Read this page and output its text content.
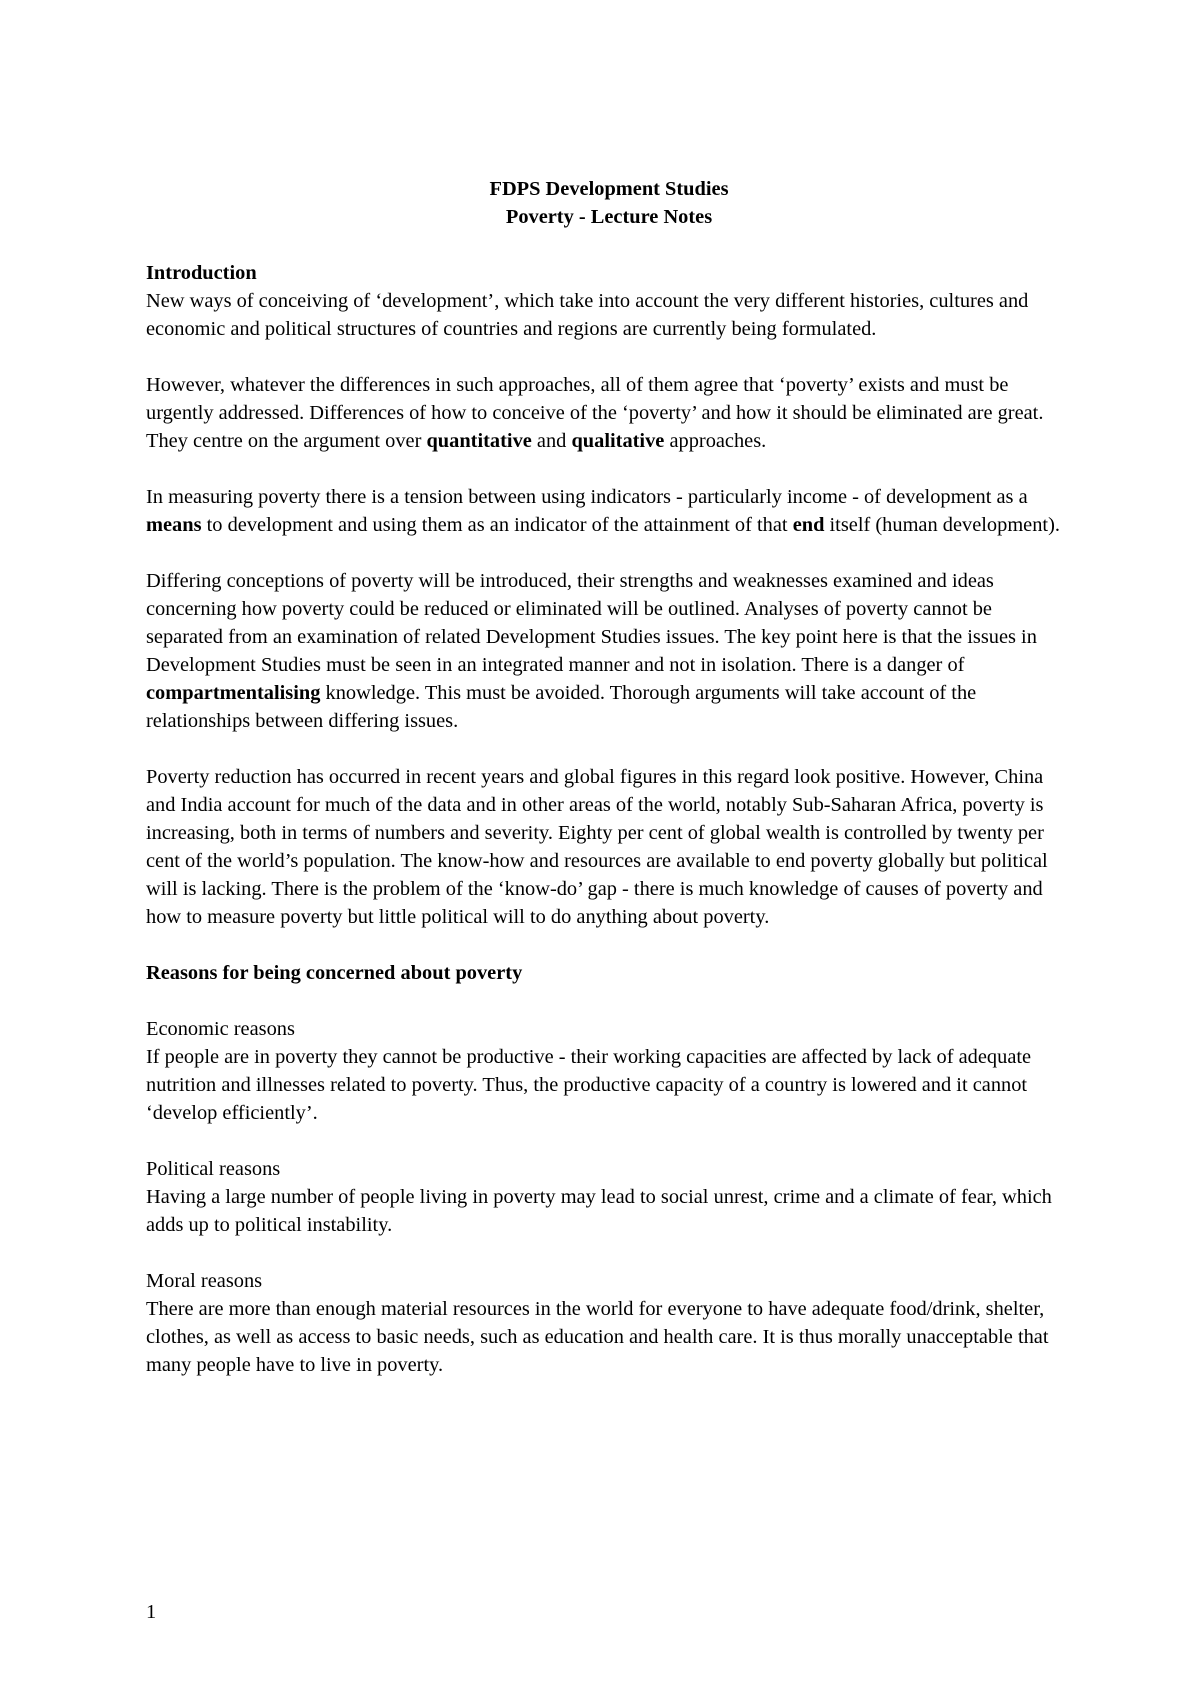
FDPS Development Studies
Poverty - Lecture Notes
Introduction

New ways of conceiving of ‘development’, which take into account the very different histories, cultures and economic and political structures of countries and regions are currently being formulated.

However, whatever the differences in such approaches, all of them agree that ‘poverty’ exists and must be urgently addressed. Differences of how to conceive of the ‘poverty’ and how it should be eliminated are great. They centre on the argument over quantitative and qualitative approaches.

In measuring poverty there is a tension between using indicators - particularly income - of development as a means to development and using them as an indicator of the attainment of that end itself (human development).

Differing conceptions of poverty will be introduced, their strengths and weaknesses examined and ideas concerning how poverty could be reduced or eliminated will be outlined. Analyses of poverty cannot be separated from an examination of related Development Studies issues. The key point here is that the issues in Development Studies must be seen in an integrated manner and not in isolation. There is a danger of compartmentalising knowledge. This must be avoided. Thorough arguments will take account of the relationships between differing issues.

Poverty reduction has occurred in recent years and global figures in this regard look positive. However, China and India account for much of the data and in other areas of the world, notably Sub-Saharan Africa, poverty is increasing, both in terms of numbers and severity. Eighty per cent of global wealth is controlled by twenty per cent of the world’s population. The know-how and resources are available to end poverty globally but political will is lacking. There is the problem of the ‘know-do’ gap - there is much knowledge of causes of poverty and how to measure poverty but little political will to do anything about poverty.

Reasons for being concerned about poverty
Economic reasons

If people are in poverty they cannot be productive - their working capacities are affected by lack of adequate nutrition and illnesses related to poverty. Thus, the productive capacity of a country is lowered and it cannot ‘develop efficiently’.

Political reasons

Having a large number of people living in poverty may lead to social unrest, crime and a climate of fear, which adds up to political instability.

Moral reasons

There are more than enough material resources in the world for everyone to have adequate food/drink, shelter, clothes, as well as access to basic needs, such as education and health care. It is thus morally unacceptable that many people have to live in poverty.

1
